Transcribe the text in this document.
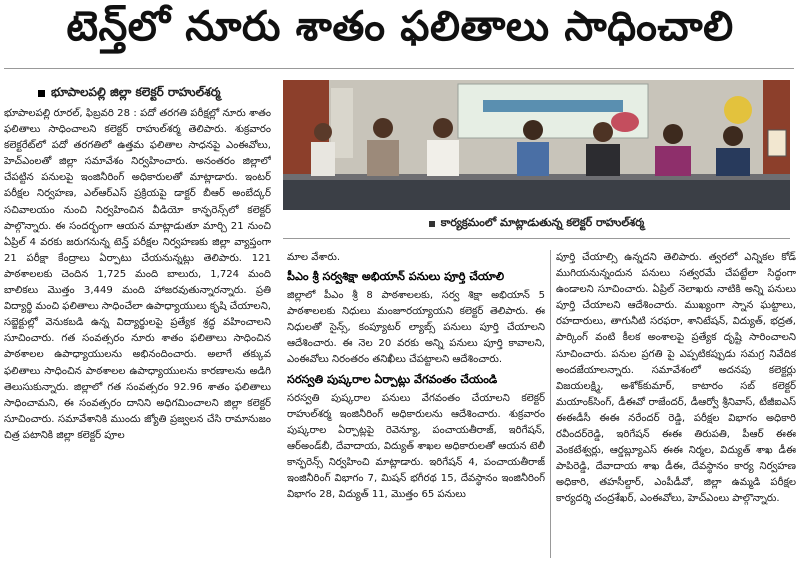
టెన్త్‌లో నూరు శాతం ఫలితాలు సాధించాలి
భూపాలపల్లి జిల్లా కలెక్టర్ రాహుల్‌శర్మ
కార్యక్రమంలో మాట్లాడుతున్న కలెక్టర్ రాహుల్‌శర్మ

భూపాలపల్లి రూరల్, ఫిబ్రవరి 28 : పదో తరగతి పరీక్షల్లో నూరు శాతం ఫలితాలు సాధించాలని కలెక్టర్ రాహుల్‌శర్మ తెలిపారు. శుక్రవారం కలెక్టరేట్‌లో పదో తరగతిలో ఉత్తమ ఫలితాల సాధనపై ఎంఈవోలు, హెచ్ఎంలతో జిల్లా సమావేశం నిర్వహించారు. అనంతరం జిల్లాలో చేపట్టిన పనులపై ఇంజినీరింగ్ అధికారులతో మాట్లాడారు. ఇంటర్ పరీక్షల నిర్వహణ, ఎల్ఆర్ఎస్ ప్రక్రియపై డాక్టర్ బీఆర్ అంబేద్కర్ సచివాలయం నుంచి నిర్వహించిన వీడియో కాన్ఫరెన్స్‌లో కలెక్టర్ పాల్గొన్నారు. ఈ సందర్భంగా ఆయన మాట్లాడుతూ మార్చి 21 నుంచి ఏప్రిల్ 4 వరకు జరుగనున్న టెన్త్ పరీక్షల నిర్వహణకు జిల్లా వ్యాప్తంగా 21 పరీక్షా కేంద్రాలు ఏర్పాటు చేయనున్నట్లు తెలిపారు. 121 పాఠశాలలకు చెందిన 1,725 మంది బాలురు, 1,724 మంది బాలికలు మొత్తం 3,449 మంది హాజరవుతున్నారన్నారు. ప్రతి విద్యార్థి మంచి ఫలితాలు సాధించేలా ఉపాధ్యాయులు కృషి చేయాలని, సబ్జెక్టుల్లో వెనుకబడి ఉన్న విద్యార్థులపై ప్రత్యేక శ్రద్ధ వహించాలని సూచించారు. గత సంవత్సరం నూరు శాతం ఫలితాలు సాధించిన పాఠశాలల ఉపాధ్యాయులను అభినందించారు. అలాగే తక్కువ ఫలితాలు సాధించిన పాఠశాలల ఉపాధ్యాయులను కారణాలను అడిగి తెలుసుకున్నారు. జిల్లాలో గత సంవత్సరం 92.96 శాతం ఫలితాలు సాధించామని, ఈ సంవత్సరం దానిని అధిగమించాలని జిల్లా కలెక్టర్ సూచించారు. సమావేశానికి ముందు జ్యోతి ప్రజ్వలన చేసి రామానుజం చిత్ర పటానికి జిల్లా కలెక్టర్ పూల

మాల వేశారు.

పీఎం శ్రీ సర్వశిక్షా అభియాన్ పనులు పూర్తి చేయాలి

జిల్లాలో పీఎం శ్రీ 8 పాఠశాలలకు, సర్వ శిక్షా అభియాన్ 5 పాఠశాలలకు నిధులు మంజూరయ్యాయని కలెక్టర్ తెలిపారు. ఈ నిధులతో సైన్స్, కంప్యూటర్ ల్యాబ్స్ పనులు పూర్తి చేయాలని ఆదేశించారు. ఈ నెల 20 వరకు అన్ని పనులు పూర్తి కావాలని, ఎంఈవోలు నిరంతరం తనిఖీలు చేపట్టాలని ఆదేశించారు.

సరస్వతి పుష్కరాల ఏర్పాట్లు వేగవంతం చేయండి

సరస్వతి పుష్కరాల పనులు వేగవంతం చేయాలని కలెక్టర్ రాహుల్‌శర్మ ఇంజినీరింగ్ అధికారులను ఆదేశించారు. శుక్రవారం పుష్కరాల ఏర్పాట్లపై రెవెన్యూ, పంచాయతీరాజ్, ఇరిగేషన్, ఆర్అండ్‌బీ, దేవాదాయ, విద్యుత్ శాఖల అధికారులతో ఆయన టెలీ కాన్ఫరెన్స్ నిర్వహించి మాట్లాడారు. ఇరిగేషన్ 4, పంచాయతీరాజ్ ఇంజినీరింగ్ విభాగం 7, మిషన్ భగీరథ 15, దేవస్థానం ఇంజినీరింగ్ విభాగం 28, విద్యుత్ 11, మొత్తం 65 పనులు

పూర్తి చేయాల్సి ఉన్నదని తెలిపారు. త్వరలో ఎన్నికల కోడ్ ముగియనున్నందున పనులు సత్వరమే చేపట్టేలా సిద్ధంగా ఉండాలని సూచించారు. ఏప్రిల్ నెలాఖరు నాటికి అన్ని పనులు పూర్తి చేయాలని ఆదేశించారు. ముఖ్యంగా స్నాన ఘట్టాలు, రహదారులు, తాగునీటి సరఫరా, శానిటేషన్, విద్యుత్, భద్రత, పార్కింగ్ వంటి కీలక అంశాలపై ప్రత్యేక దృష్టి సారించాలని సూచించారు. పనుల ప్రగతి పై ఎప్పటికప్పుడు సమగ్ర నివేదిక అందజేయాలన్నారు. సమావేశంలో అదనపు కలెక్టర్లు విజయలక్ష్మి, అశోక్‌కుమార్, కాటారం సబ్ కలెక్టర్ మయాంక్‌సింగ్, డీఈవో రాజేందర్, డీఆర్వో శ్రీనివాస్, టీజీఐఎస్ ఈఈడీసీ ఈఈ నరేందర్ రెడ్డి, పరీక్షల విభాగం అధికారి రవీందర్‌రెడ్డి, ఇరిగేషన్ ఈఈ తిరుపతి, పీఆర్ ఈఈ వెంకటేశ్వర్లు, ఆర్డబ్ల్యూఎస్ ఈఈ నిర్మల, విద్యుత్ శాఖ డీఈ పాపిరెడ్డి, దేవాదాయ శాఖ డీఈ, దేవస్థానం కార్య నిర్వహణ అధికారి, తహసీల్దార్, ఎంపీడీవో, జిల్లా ఉమ్మడి పరీక్షల కార్యదర్శి చంద్రశేఖర్, ఎంఈవోలు, హెచ్ఎంలు పాల్గొన్నారు.
